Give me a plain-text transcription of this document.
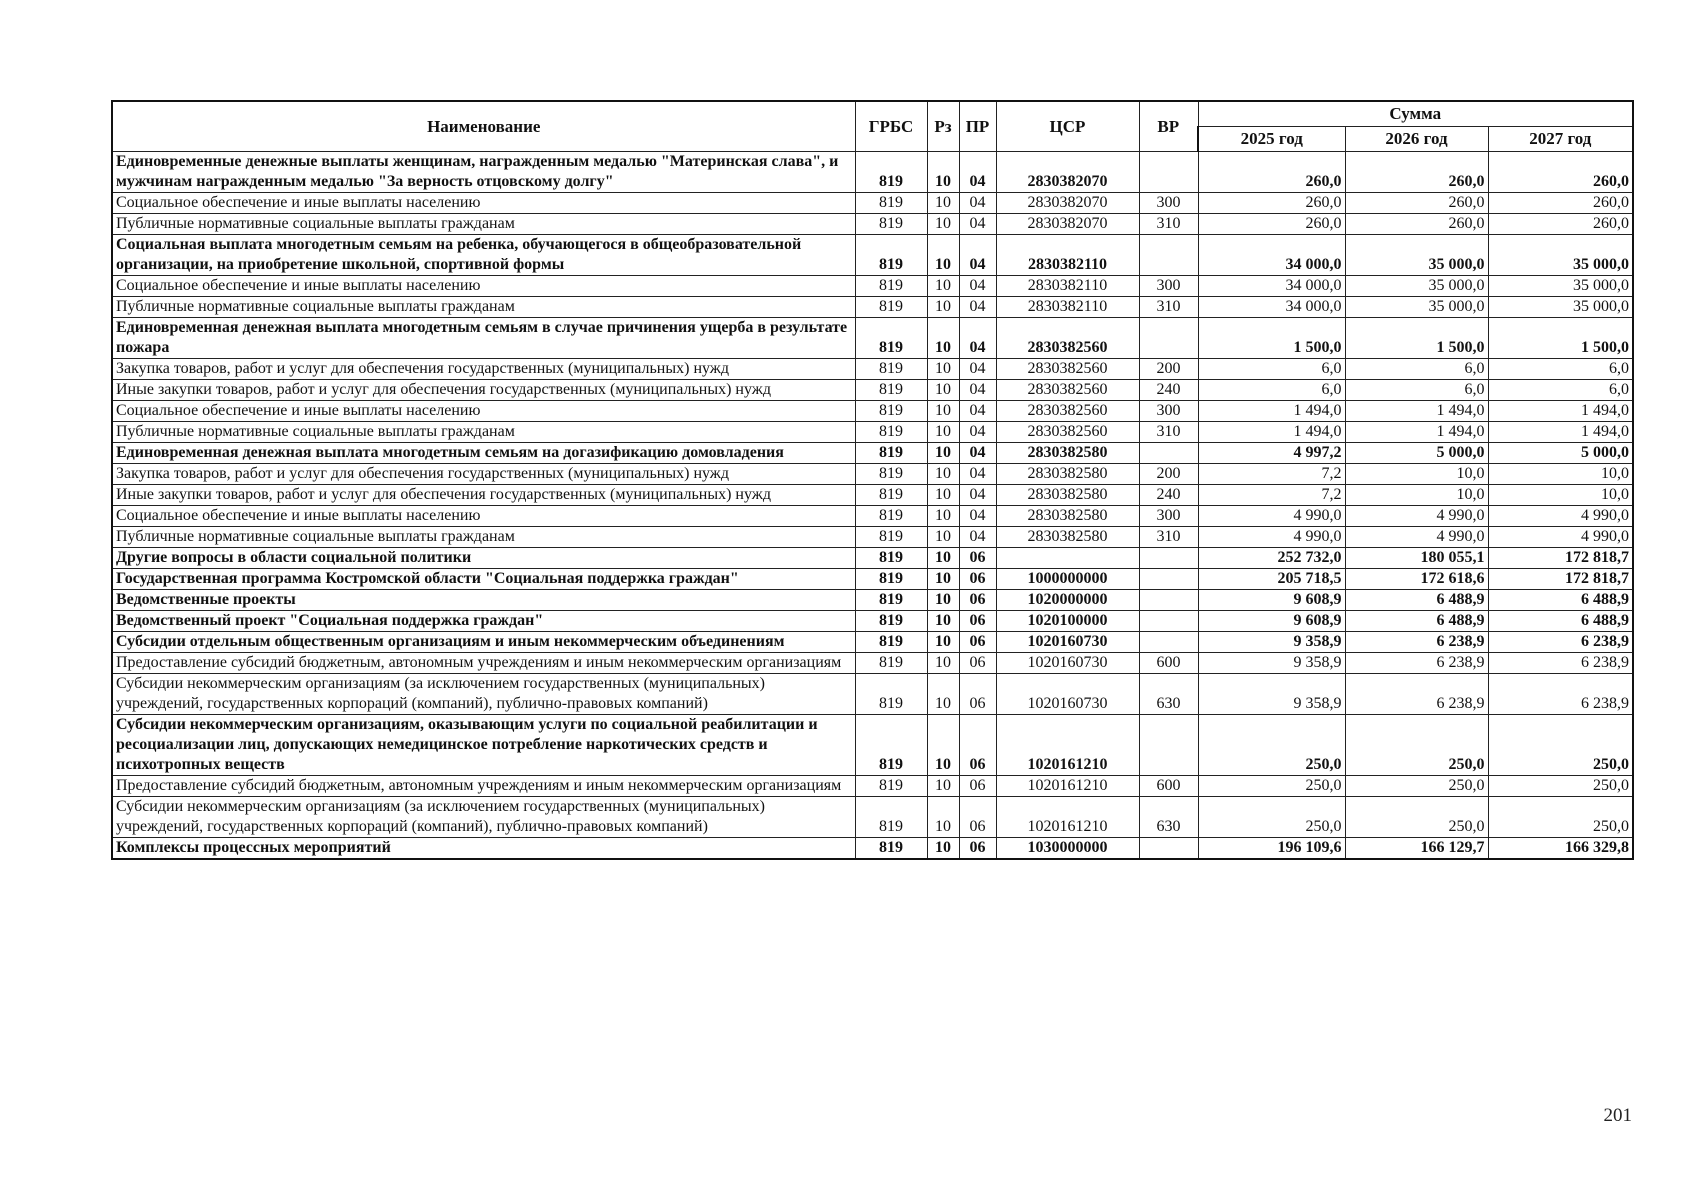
Наименование	ГРБС	Рз	ПР	ЦСР	ВР	Сумма		
						2025 год	2026 год	2027 год
Единовременные денежные выплаты женщинам, награжденным медалью "Материнская слава", и мужчинам награжденным медалью "За верность отцовскому долгу"	819	10	04	2830382070		260,0	260,0	260,0
Социальное обеспечение и иные выплаты населению	819	10	04	2830382070	300	260,0	260,0	260,0
Публичные нормативные социальные выплаты гражданам	819	10	04	2830382070	310	260,0	260,0	260,0
Социальная выплата многодетным семьям на ребенка, обучающегося в общеобразовательной организации, на приобретение школьной, спортивной формы	819	10	04	2830382110		34 000,0	35 000,0	35 000,0
Социальное обеспечение и иные выплаты населению	819	10	04	2830382110	300	34 000,0	35 000,0	35 000,0
Публичные нормативные социальные выплаты гражданам	819	10	04	2830382110	310	34 000,0	35 000,0	35 000,0
Единовременная денежная выплата многодетным семьям в случае причинения ущерба в результате пожара	819	10	04	2830382560		1 500,0	1 500,0	1 500,0
Закупка товаров, работ и услуг для обеспечения государственных (муниципальных) нужд	819	10	04	2830382560	200	6,0	6,0	6,0
Иные закупки товаров, работ и услуг для обеспечения государственных (муниципальных) нужд	819	10	04	2830382560	240	6,0	6,0	6,0
Социальное обеспечение и иные выплаты населению	819	10	04	2830382560	300	1 494,0	1 494,0	1 494,0
Публичные нормативные социальные выплаты гражданам	819	10	04	2830382560	310	1 494,0	1 494,0	1 494,0
Единовременная денежная выплата многодетным семьям на догазификацию домовладения	819	10	04	2830382580		4 997,2	5 000,0	5 000,0
Закупка товаров, работ и услуг для обеспечения государственных (муниципальных) нужд	819	10	04	2830382580	200	7,2	10,0	10,0
Иные закупки товаров, работ и услуг для обеспечения государственных (муниципальных) нужд	819	10	04	2830382580	240	7,2	10,0	10,0
Социальное обеспечение и иные выплаты населению	819	10	04	2830382580	300	4 990,0	4 990,0	4 990,0
Публичные нормативные социальные выплаты гражданам	819	10	04	2830382580	310	4 990,0	4 990,0	4 990,0
Другие вопросы в области социальной политики	819	10	06			252 732,0	180 055,1	172 818,7
Государственная программа Костромской области "Социальная поддержка граждан"	819	10	06	1000000000		205 718,5	172 618,6	172 818,7
Ведомственные проекты	819	10	06	1020000000		9 608,9	6 488,9	6 488,9
Ведомственный проект "Социальная поддержка граждан"	819	10	06	1020100000		9 608,9	6 488,9	6 488,9
Субсидии отдельным общественным организациям и иным некоммерческим объединениям	819	10	06	1020160730		9 358,9	6 238,9	6 238,9
Предоставление субсидий бюджетным, автономным учреждениям и иным некоммерческим организациям	819	10	06	1020160730	600	9 358,9	6 238,9	6 238,9
Субсидии некоммерческим организациям (за исключением государственных (муниципальных) учреждений, государственных корпораций (компаний), публично-правовых компаний)	819	10	06	1020160730	630	9 358,9	6 238,9	6 238,9
Субсидии некоммерческим организациям, оказывающим услуги по социальной реабилитации и ресоциализации лиц, допускающих немедицинское потребление наркотических средств и психотропных веществ	819	10	06	1020161210		250,0	250,0	250,0
Предоставление субсидий бюджетным, автономным учреждениям и иным некоммерческим организациям	819	10	06	1020161210	600	250,0	250,0	250,0
Субсидии некоммерческим организациям (за исключением государственных (муниципальных) учреждений, государственных корпораций (компаний), публично-правовых компаний)	819	10	06	1020161210	630	250,0	250,0	250,0
Комплексы процессных мероприятий	819	10	06	1030000000		196 109,6	166 129,7	166 329,8
201
